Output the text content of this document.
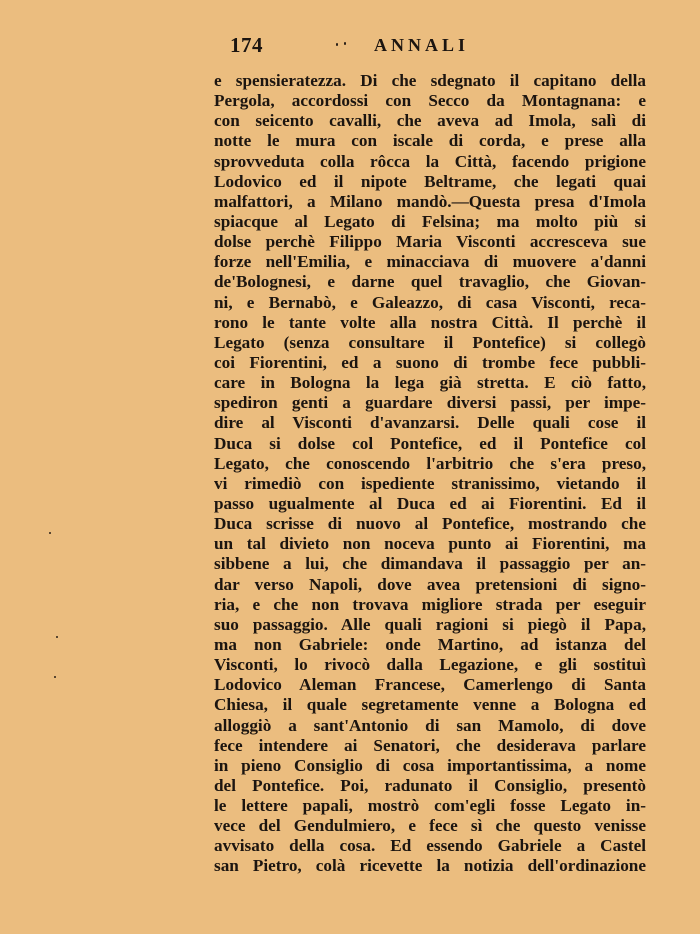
174	ANNALI
e spensieratezza. Di che sdegnato il capitano della
Pergola, accordossi con Secco da Montagnana: e
con seicento cavalli, che aveva ad Imola, salì di
notte le mura con iscale di corda, e prese alla
sprovveduta colla rôcca la Città, facendo prigione
Lodovico ed il nipote Beltrame, che legati quai
malfattori, a Milano mandò.—Questa presa d'Imola
spiacque al Legato di Felsina; ma molto più si
dolse perchè Filippo Maria Visconti accresceva sue
forze nell'Emilia, e minacciava di muovere a'danni
de'Bolognesi, e darne quel travaglio, che Giovan-
ni, e Bernabò, e Galeazzo, di casa Visconti, reca-
rono le tante volte alla nostra Città. Il perchè il
Legato (senza consultare il Pontefice) si collegò
coi Fiorentini, ed a suono di trombe fece pubbli-
care in Bologna la lega già stretta. E ciò fatto,
spediron genti a guardare diversi passi, per impe-
dire al Visconti d'avanzarsi. Delle quali cose il
Duca si dolse col Pontefice, ed il Pontefice col
Legato, che conoscendo l'arbitrio che s'era preso,
vi rimediò con ispediente stranissimo, vietando il
passo ugualmente al Duca ed ai Fiorentini. Ed il
Duca scrisse di nuovo al Pontefice, mostrando che
un tal divieto non noceva punto ai Fiorentini, ma
sibbene a lui, che dimandava il passaggio per an-
dar verso Napoli, dove avea pretensioni di signo-
ria, e che non trovava migliore strada per eseguir
suo passaggio. Alle quali ragioni si piegò il Papa,
ma non Gabriele: onde Martino, ad istanza del
Visconti, lo rivocò dalla Legazione, e gli sostituì
Lodovico Aleman Francese, Camerlengo di Santa
Chiesa, il quale segretamente venne a Bologna ed
alloggiò a sant'Antonio di san Mamolo, di dove
fece intendere ai Senatori, che desiderava parlare
in pieno Consiglio di cosa importantissima, a nome
del Pontefice. Poi, radunato il Consiglio, presentò
le lettere papali, mostrò com'egli fosse Legato in-
vece del Gendulmiero, e fece sì che questo venisse
avvisato della cosa. Ed essendo Gabriele a Castel
san Pietro, colà ricevette la notizia dell'ordinazione
